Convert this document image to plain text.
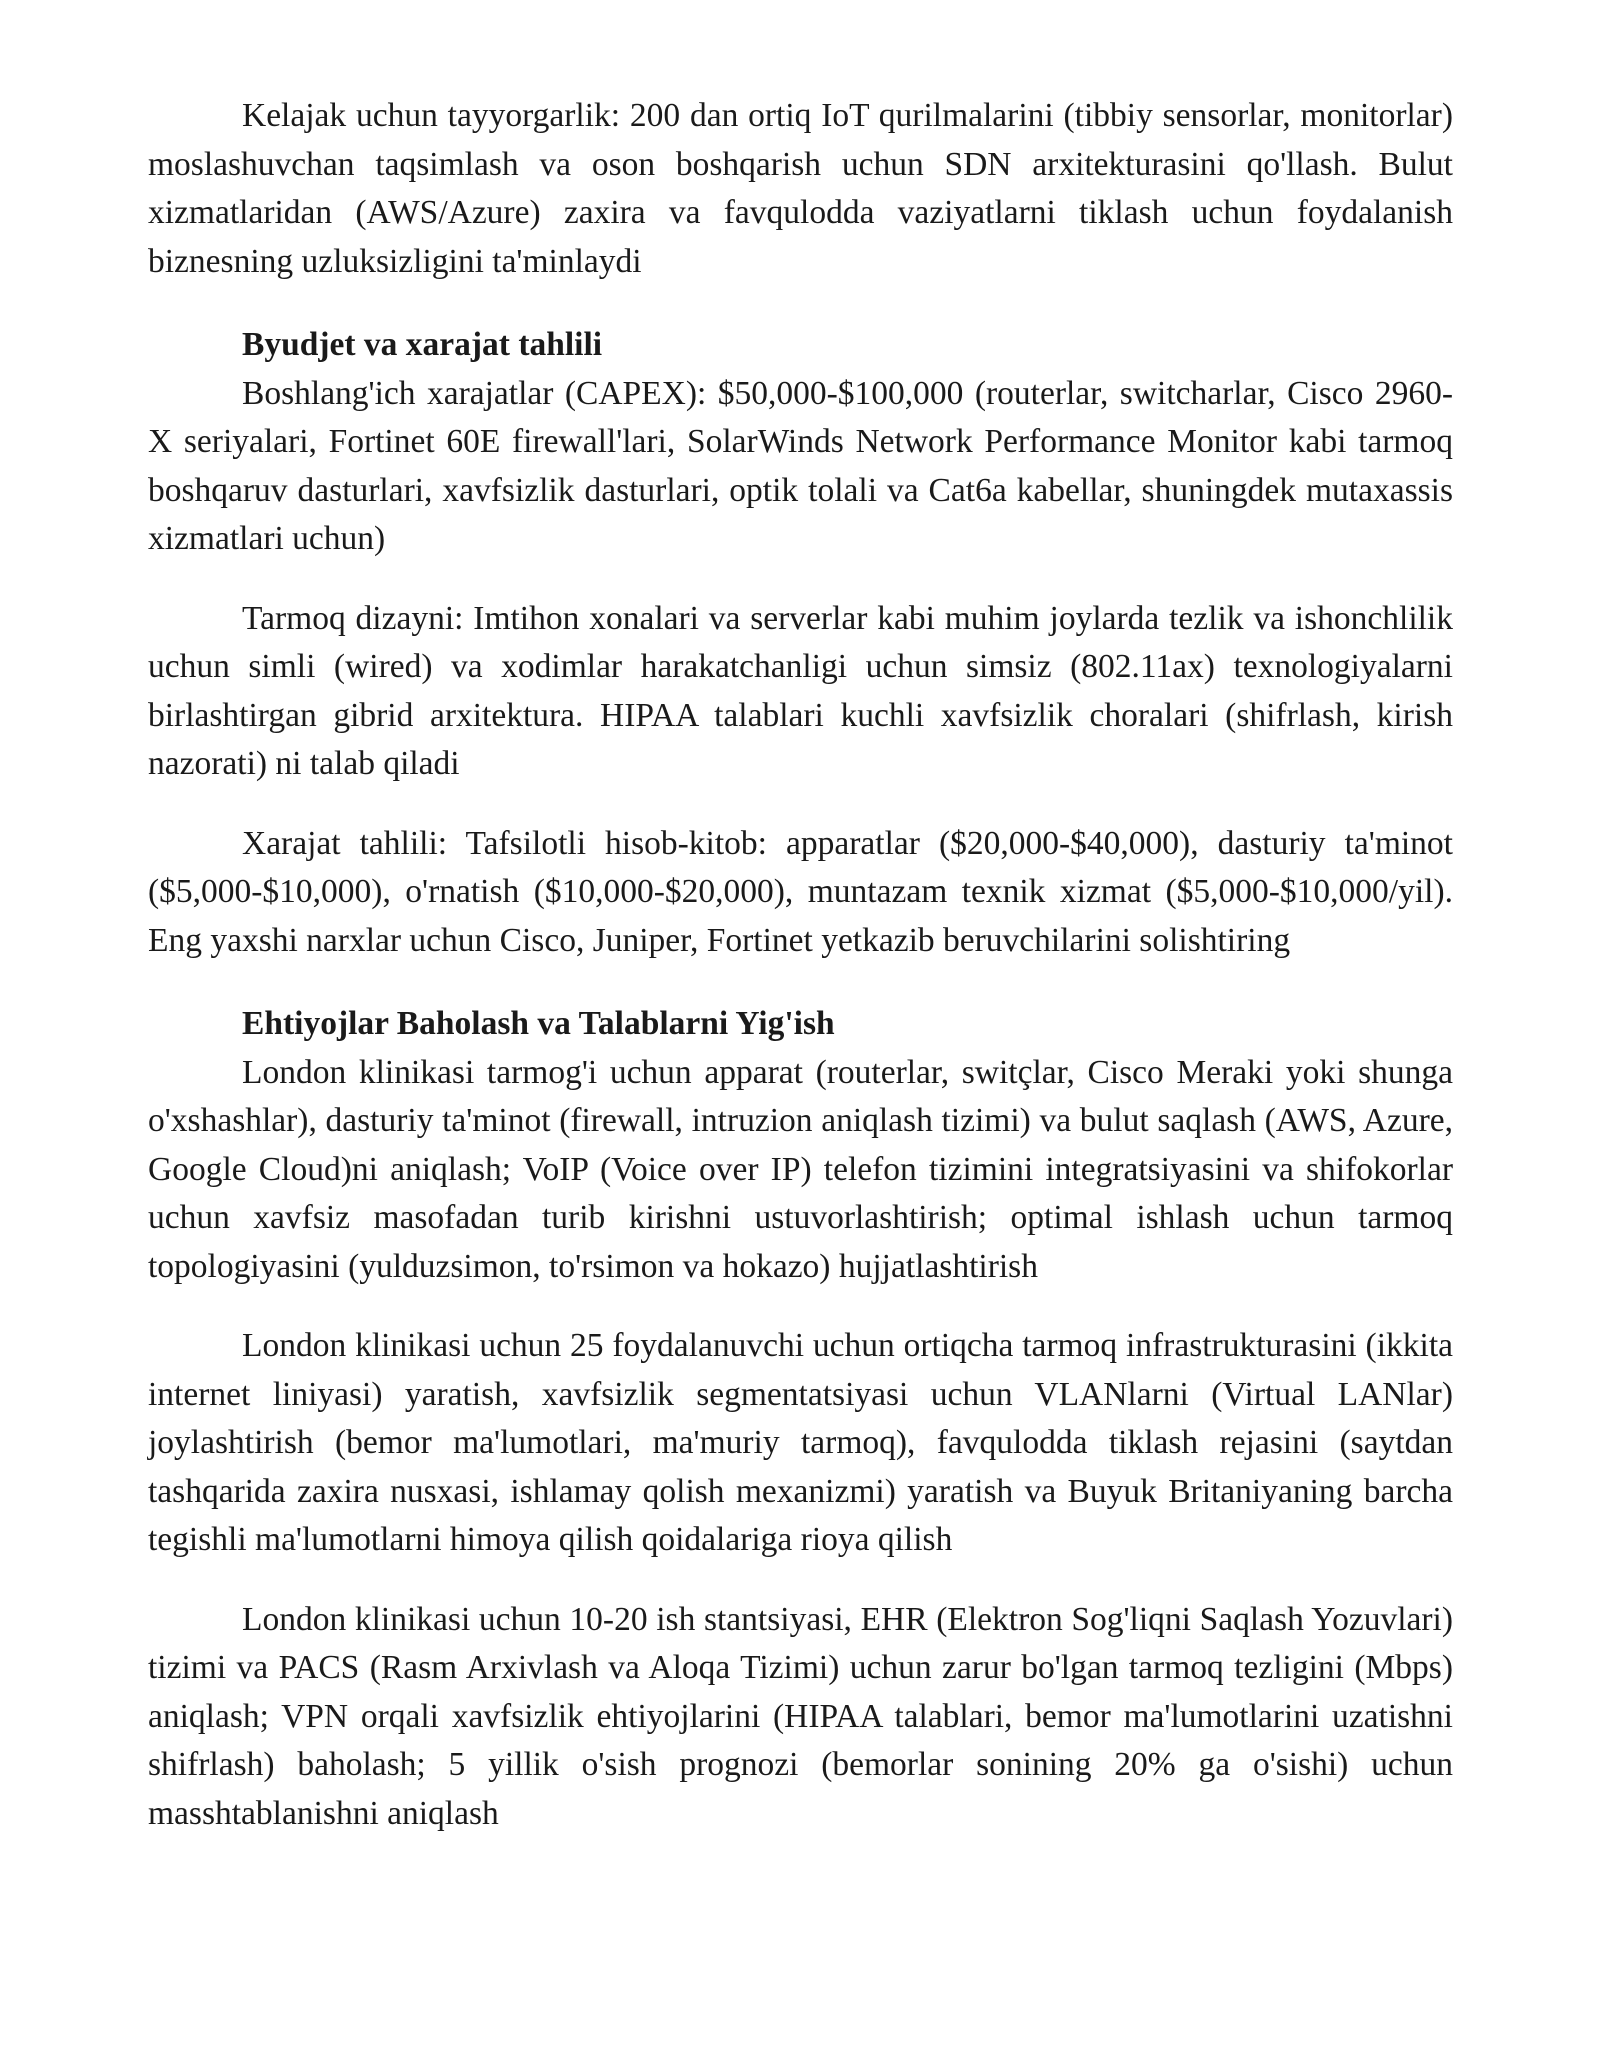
Kelajak uchun tayyorgarlik: 200 dan ortiq IoT qurilmalarini (tibbiy sensorlar, monitorlar) moslashuvchan taqsimlash va oson boshqarish uchun SDN arxitekturasini qo'llash. Bulut xizmatlaridan (AWS/Azure) zaxira va favqulodda vaziyatlarni tiklash uchun foydalanish biznesning uzluksizligini ta'minlaydi

Byudjet va xarajat tahlili

Boshlang'ich xarajatlar (CAPEX): $50,000-$100,000 (routerlar, switcharlar, Cisco 2960-X seriyalari, Fortinet 60E firewall'lari, SolarWinds Network Performance Monitor kabi tarmoq boshqaruv dasturlari, xavfsizlik dasturlari, optik tolali va Cat6a kabellar, shuningdek mutaxassis xizmatlari uchun)

Tarmoq dizayni: Imtihon xonalari va serverlar kabi muhim joylarda tezlik va ishonchlilik uchun simli (wired) va xodimlar harakatchanligi uchun simsiz (802.11ax) texnologiyalarni birlashtirgan gibrid arxitektura. HIPAA talablari kuchli xavfsizlik choralari (shifrlash, kirish nazorati) ni talab qiladi

Xarajat tahlili: Tafsilotli hisob-kitob: apparatlar ($20,000-$40,000), dasturiy ta'minot ($5,000-$10,000), o'rnatish ($10,000-$20,000), muntazam texnik xizmat ($5,000-$10,000/yil). Eng yaxshi narxlar uchun Cisco, Juniper, Fortinet yetkazib beruvchilarini solishtiring

Ehtiyojlar Baholash va Talablarni Yig'ish

London klinikasi tarmog'i uchun apparat (routerlar, switçlar, Cisco Meraki yoki shunga o'xshashlar), dasturiy ta'minot (firewall, intruzion aniqlash tizimi) va bulut saqlash (AWS, Azure, Google Cloud)ni aniqlash; VoIP (Voice over IP) telefon tizimini integratsiyasini va shifokorlar uchun xavfsiz masofadan turib kirishni ustuvorlashtirish; optimal ishlash uchun tarmoq topologiyasini (yulduzsimon, to'rsimon va hokazo) hujjatlashtirish

London klinikasi uchun 25 foydalanuvchi uchun ortiqcha tarmoq infrastrukturasini (ikkita internet liniyasi) yaratish, xavfsizlik segmentatsiyasi uchun VLANlarni (Virtual LANlar) joylashtirish (bemor ma'lumotlari, ma'muriy tarmoq), favqulodda tiklash rejasini (saytdan tashqarida zaxira nusxasi, ishlamay qolish mexanizmi) yaratish va Buyuk Britaniyaning barcha tegishli ma'lumotlarni himoya qilish qoidalariga rioya qilish

London klinikasi uchun 10-20 ish stantsiyasi, EHR (Elektron Sog'liqni Saqlash Yozuvlari) tizimi va PACS (Rasm Arxivlash va Aloqa Tizimi) uchun zarur bo'lgan tarmoq tezligini (Mbps) aniqlash; VPN orqali xavfsizlik ehtiyojlarini (HIPAA talablari, bemor ma'lumotlarini uzatishni shifrlash) baholash; 5 yillik o'sish prognozi (bemorlar sonining 20% ga o'sishi) uchun masshtablanishni aniqlash
